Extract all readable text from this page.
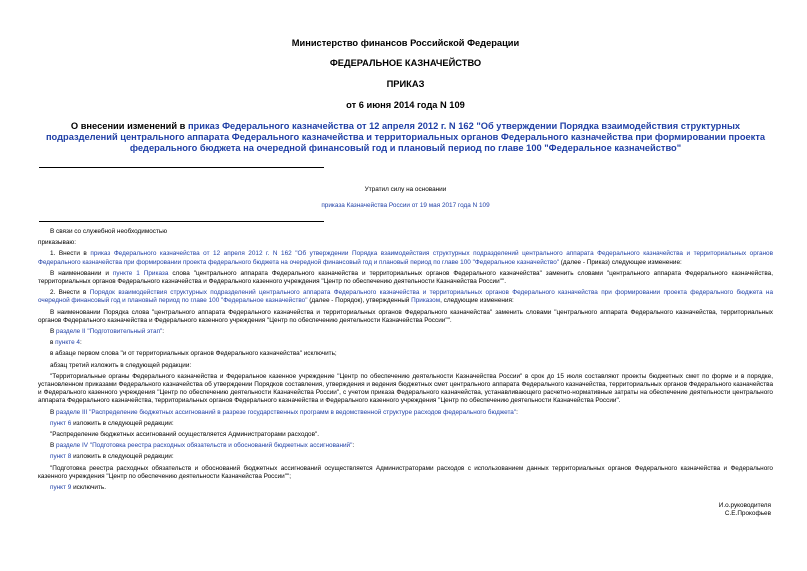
Министерство финансов Российской Федерации
ФЕДЕРАЛЬНОЕ КАЗНАЧЕЙСТВО
ПРИКАЗ
от 6 июня 2014 года N 109
О внесении изменений в приказ Федерального казначейства от 12 апреля 2012 г. N 162 "Об утверждении Порядка взаимодействия структурных подразделений центрального аппарата Федерального казначейства и территориальных органов Федерального казначейства при формировании проекта федерального бюджета на очередной финансовый год и плановый период по главе 100 "Федеральное казначейство"
Утратил силу на основании
приказа Казначейства России от 19 мая 2017 года N 109
В связи со служебной необходимостью
приказываю:
1. Внести в приказ Федерального казначейства от 12 апреля 2012 г. N 162 "Об утверждении Порядка взаимодействия структурных подразделений центрального аппарата Федерального казначейства и территориальных органов Федерального казначейства при формировании проекта федерального бюджета на очередной финансовый год и плановый период по главе 100 "Федеральное казначейство" (далее - Приказ) следующее изменение:
В наименовании и пункте 1 Приказа слова "центрального аппарата Федерального казначейства и территориальных органов Федерального казначейства" заменить словами "центрального аппарата Федерального казначейства, территориальных органов Федерального казначейства и Федерального казенного учреждения "Центр по обеспечению деятельности Казначейства России"".
2. Внести в Порядок взаимодействия структурных подразделений центрального аппарата Федерального казначейства и территориальных органов Федерального казначейства при формировании проекта федерального бюджета на очередной финансовый год и плановый период по главе 100 "Федеральное казначейство" (далее - Порядок), утвержденный Приказом, следующие изменения:
В наименовании Порядка слова "центрального аппарата Федерального казначейства и территориальных органов Федерального казначейства" заменить словами "центрального аппарата Федерального казначейства, территориальных органов Федерального казначейства и Федерального казенного учреждения "Центр по обеспечению деятельности Казначейства России"".
В разделе II "Подготовительный этап":
в пункте 4:
в абзаце первом слова "и от территориальных органов Федерального казначейства" исключить;
абзац третий изложить в следующей редакции:
"Территориальные органы Федерального казначейства и Федеральное казенное учреждение "Центр по обеспечению деятельности Казначейства России" в срок до 15 июля составляют проекты бюджетных смет по форме и в порядке, установленном приказами Федерального казначейства об утверждении Порядков составления, утверждения и ведения бюджетных смет центрального аппарата Федерального казначейства, территориальных органов Федерального казначейства и Федерального казенного учреждения "Центр по обеспечению деятельности Казначейства России", с учетом приказа Федерального казначейства, устанавливающего расчетно-нормативные затраты на обеспечение деятельности центрального аппарата Федерального казначейства, территориальных органов Федерального казначейства и Федерального казенного учреждения "Центр по обеспечению деятельности Казначейства России".
В разделе III "Распределение бюджетных ассигнований в разрезе государственных программ в ведомственной структуре расходов федерального бюджета":
пункт 6 изложить в следующей редакции:
"Распределение бюджетных ассигнований осуществляется Администраторами расходов".
В разделе IV "Подготовка реестра расходных обязательств и обоснований бюджетных ассигнований":
пункт 8 изложить в следующей редакции:
"Подготовка реестра расходных обязательств и обоснований бюджетных ассигнований осуществляется Администраторами расходов с использованием данных территориальных органов Федерального казначейства и Федерального казенного учреждения "Центр по обеспечению деятельности Казначейства России"";
пункт 9 исключить.
И.о.руководителя
С.Е.Прокофьев
